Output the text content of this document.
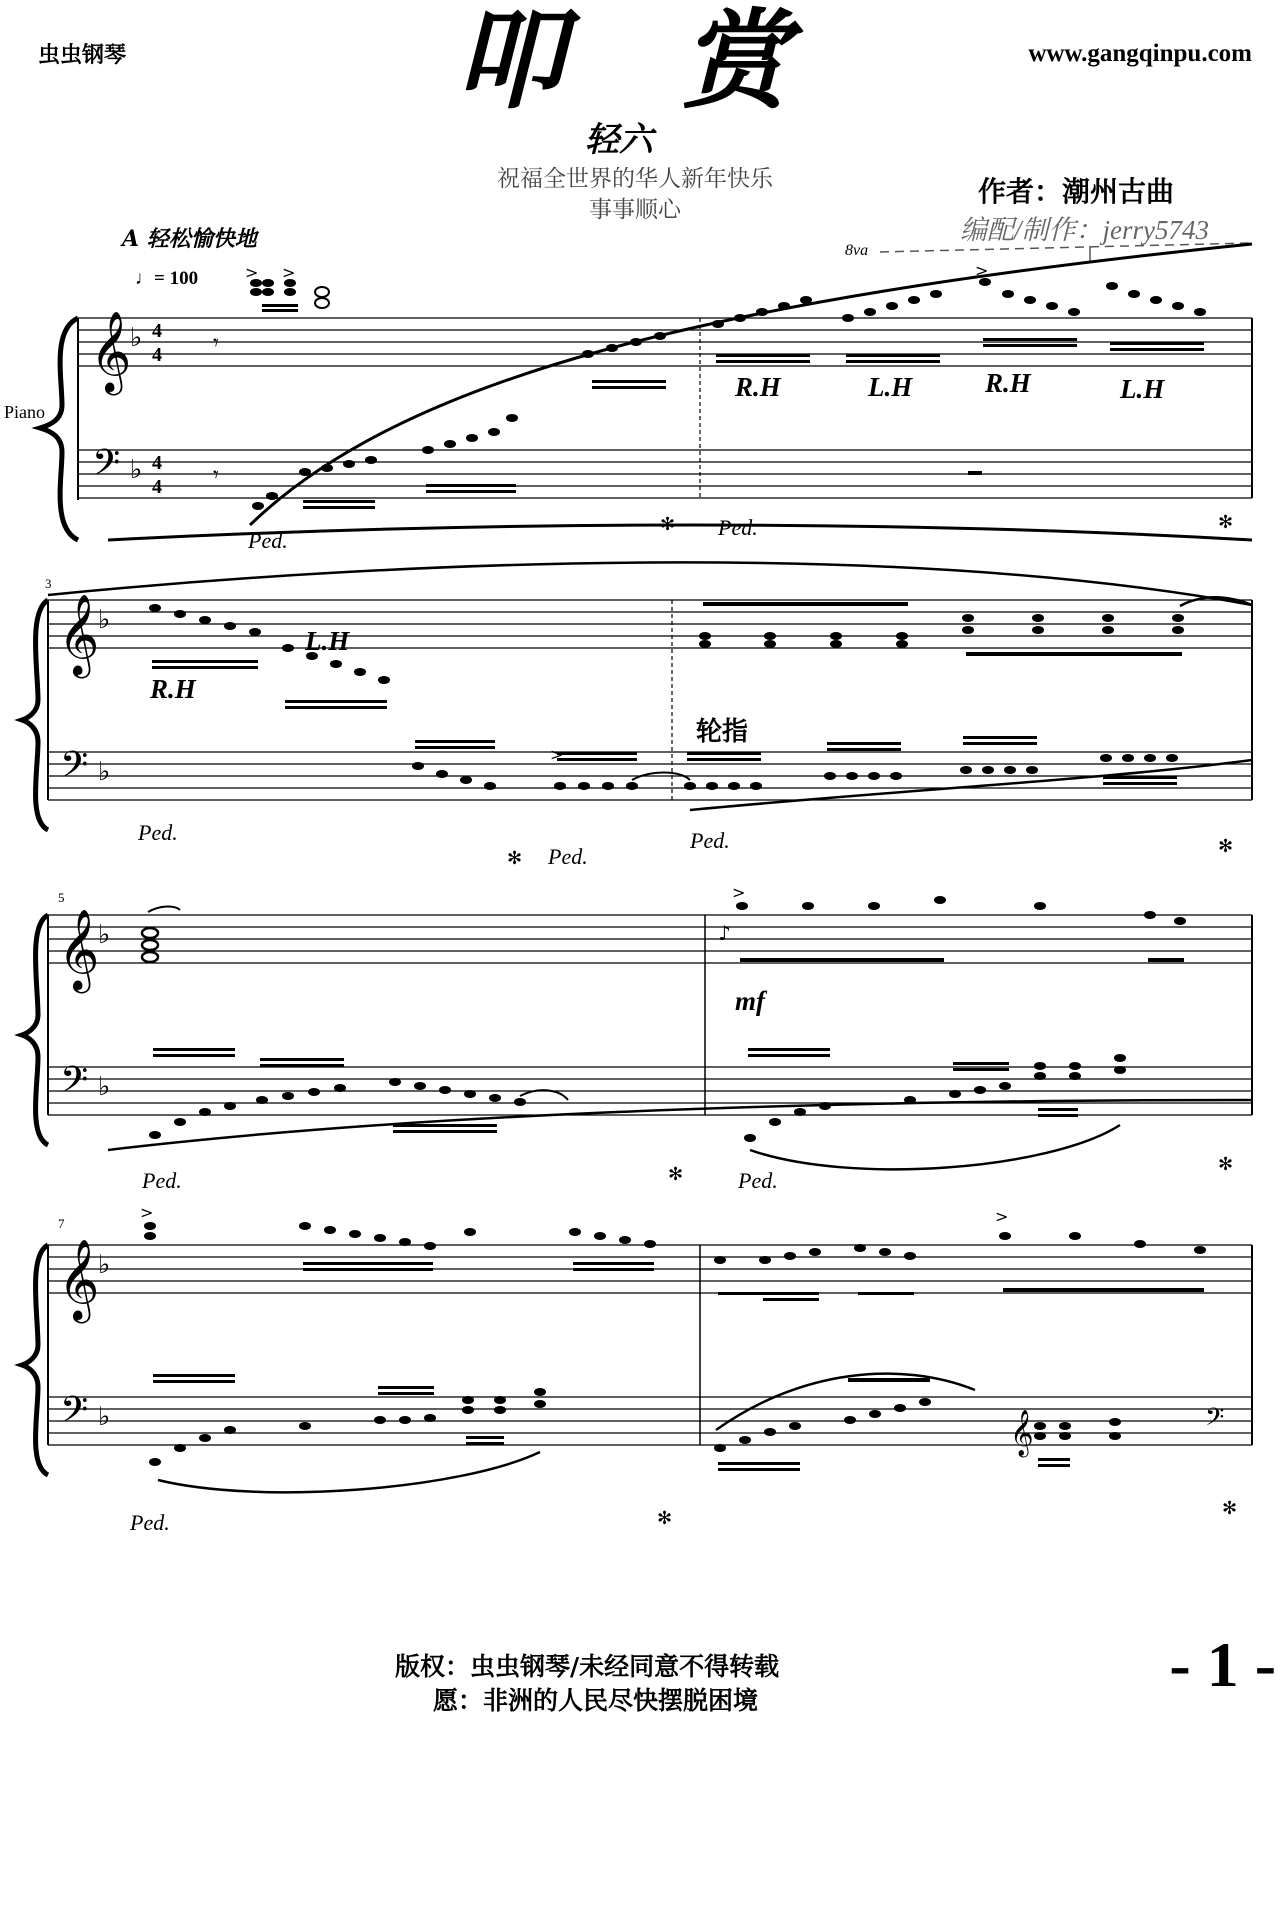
虫虫钢琴	www.gangqinpu.com
叩 赏
轻六
祝福全世界的华人新年快乐
事事顺心
作者：潮州古曲
编配/制作：jerry5743
A 轻松愉快地
♩= 100
Piano
8va
𝄞
𝄢
♭
♭
4
4
4
4
𝄾
𝄾
> >	>
R.H	L.H	R.H	L.H
Ped.
✻ Ped.	✻
3
𝄞
𝄢
♭
♭
R.H
L.H
轮指
>
Ped.
✻ Ped.
Ped.	✻
5
𝄞
𝄢
♭
♭
♪
>
mf
Ped.	✻ Ped.
✻
7
𝄞
𝄢
♭
♭
>	>
𝄞	𝄢
Ped.	✻	✻
版权：虫虫钢琴/未经同意不得转载
愿：非洲的人民尽快摆脱困境
- 1 -
